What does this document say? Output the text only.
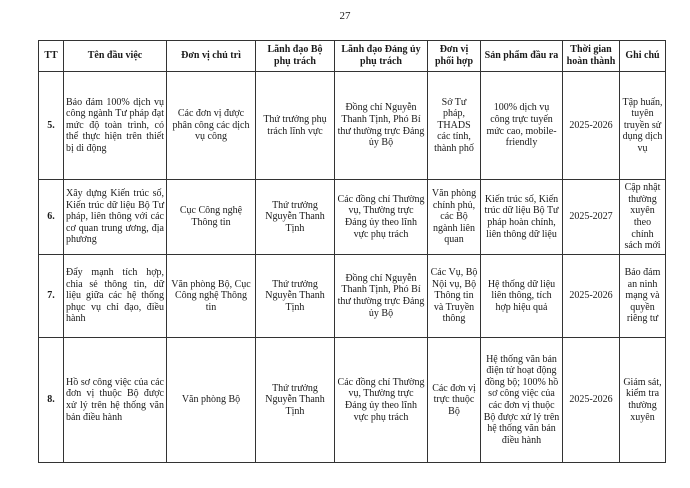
27
TT	Tên đầu việc	Đơn vị chủ trì	Lãnh đạo Bộ phụ trách	Lãnh đạo Đảng ủy phụ trách	Đơn vị phối hợp	Sản phẩm đầu ra	Thời gian hoàn thành	Ghi chú
5.	Bảo đảm 100% dịch vụ công ngành Tư pháp đạt mức độ toàn trình, có thể thực hiện trên thiết bị di động	Các đơn vị được phân công các dịch vụ công	Thứ trưởng phụ trách lĩnh vực	Đồng chí Nguyễn Thanh Tịnh, Phó Bí thư thường trực Đảng ủy Bộ	Sở Tư pháp, THADS các tỉnh, thành phố	100% dịch vụ công trực tuyến mức cao, mobile-friendly	2025-2026	Tập huấn, tuyên truyền sử dụng dịch vụ
6.	Xây dựng Kiến trúc số, Kiến trúc dữ liệu Bộ Tư pháp, liên thông với các cơ quan trung ương, địa phương	Cục Công nghệ Thông tin	Thứ trưởng Nguyễn Thanh Tịnh	Các đồng chí Thường vụ, Thường trực Đảng ủy theo lĩnh vực phụ trách	Văn phòng chính phủ, các Bộ ngành liên quan	Kiến trúc số, Kiến trúc dữ liệu Bộ Tư pháp hoàn chỉnh, liên thông dữ liệu	2025-2027	Cập nhật thường xuyên theo chính sách mới
7.	Đẩy mạnh tích hợp, chia sẻ thông tin, dữ liệu giữa các hệ thống phục vụ chỉ đạo, điều hành	Văn phòng Bộ, Cục Công nghệ Thông tin	Thứ trưởng Nguyễn Thanh Tịnh	Đồng chí Nguyễn Thanh Tịnh, Phó Bí thư thường trực Đảng ủy Bộ	Các Vụ, Bộ Nội vụ, Bộ Thông tin và Truyền thông	Hệ thống dữ liệu liên thông, tích hợp hiệu quả	2025-2026	Bảo đảm an ninh mạng và quyền riêng tư
8.	Hồ sơ công việc của các đơn vị thuộc Bộ được xử lý trên hệ thống văn bản điều hành	Văn phòng Bộ	Thứ trưởng Nguyễn Thanh Tịnh	Các đồng chí Thường vụ, Thường trực Đảng ủy theo lĩnh vực phụ trách	Các đơn vị trực thuộc Bộ	Hệ thống văn bản điện tử hoạt động đồng bộ; 100% hồ sơ công việc của các đơn vị thuộc Bộ được xử lý trên hệ thống văn bản điều hành	2025-2026	Giám sát, kiểm tra thường xuyên
